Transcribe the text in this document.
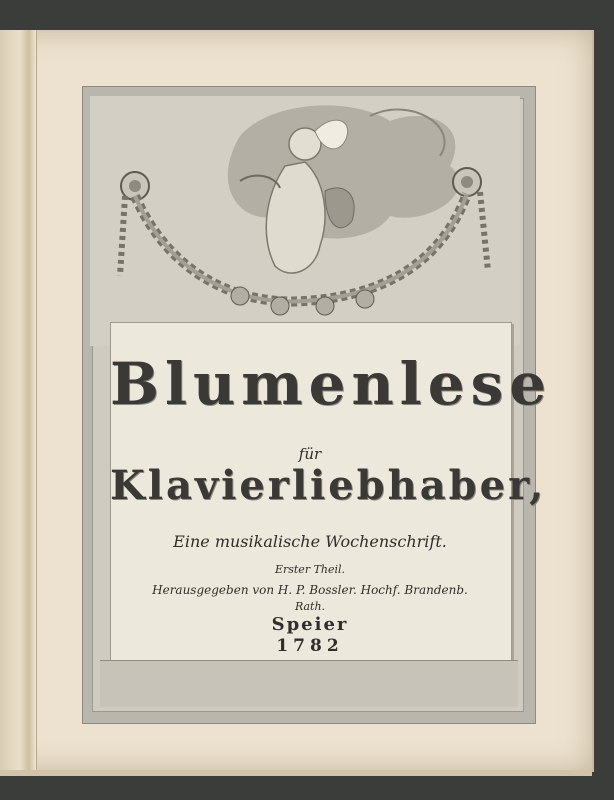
Blumenlese
für
Klavierliebhaber,
Eine musikalische Wochenschrift.
Erster Theil.
Herausgegeben von H. P. Bossler. Hochf. Brandenb.
Rath.
Speier
1782
